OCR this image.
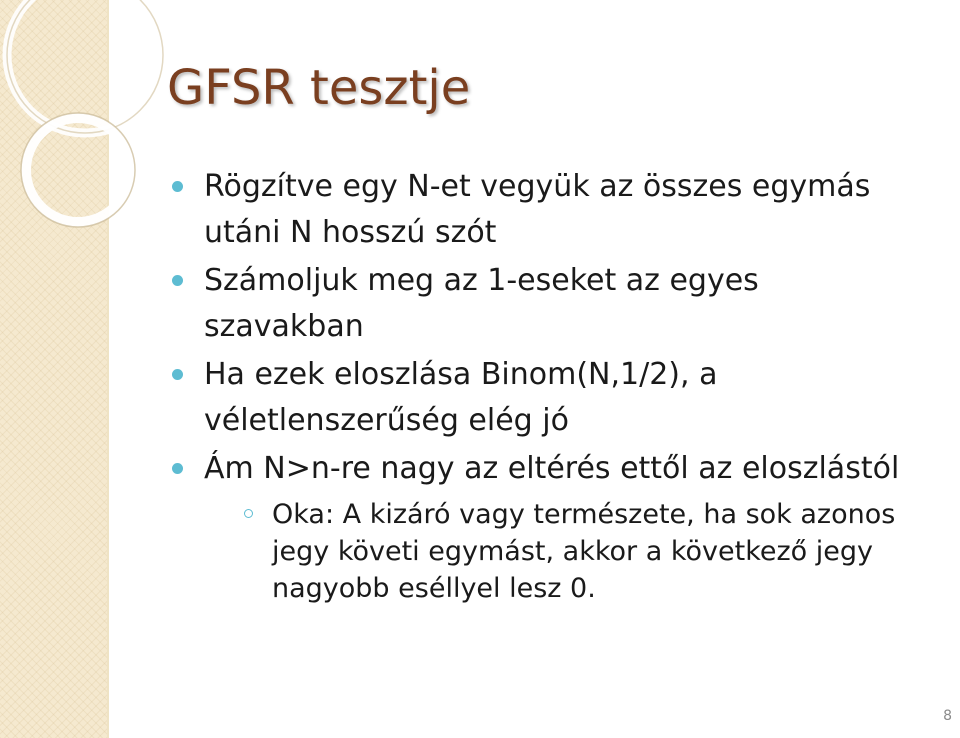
GFSR tesztje
Rögzítve egy N-et vegyük az összes egymás utáni N hosszú szót
Számoljuk meg az 1-eseket az egyes szavakban
Ha ezek eloszlása Binom(N,1/2), a véletlenszerűség elég jó
Ám N>n-re nagy az eltérés ettől az eloszlástól
Oka: A kizáró vagy természete, ha sok azonos jegy követi egymást, akkor a következő jegy nagyobb eséllyel lesz 0.
8
